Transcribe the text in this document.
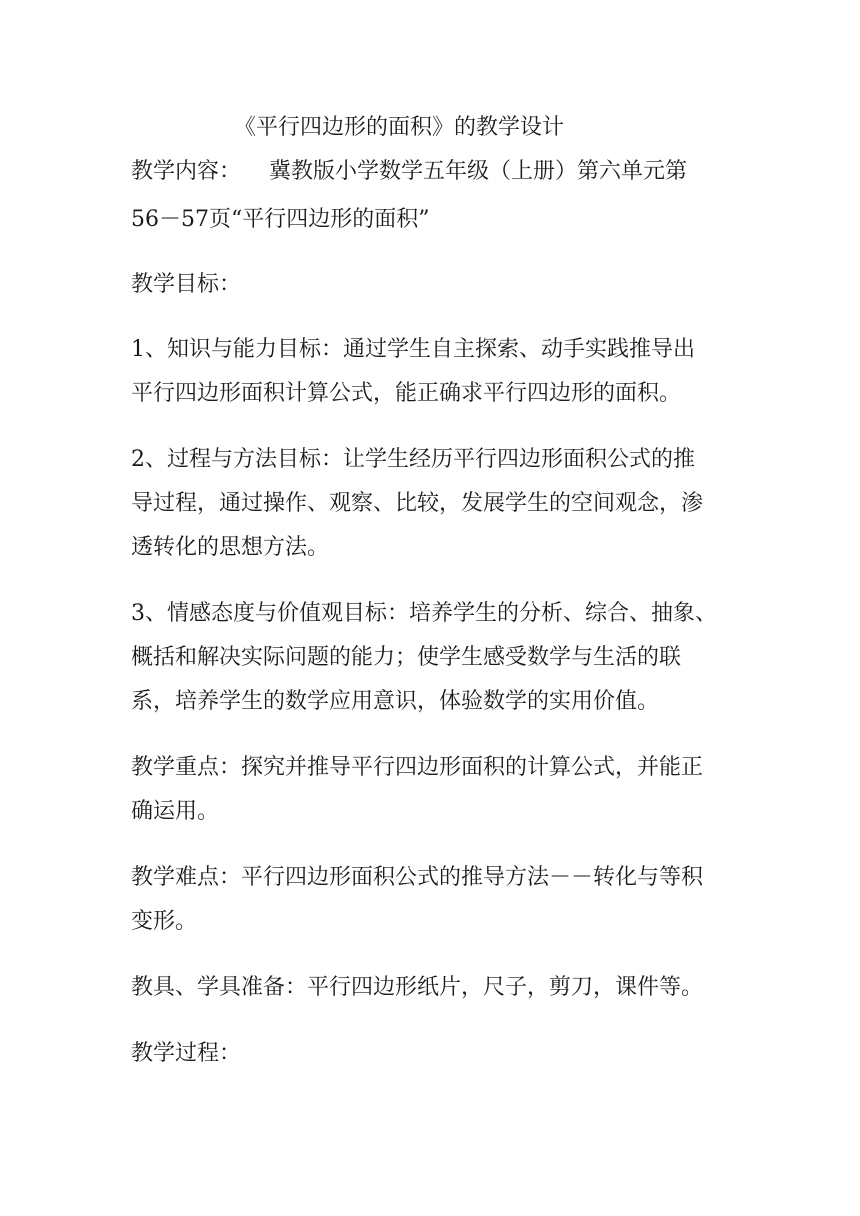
《平行四边形的面积》的教学设计
教学内容： 冀教版小学数学五年级（上册）第六单元第
56－57页“平行四边形的面积”
教学目标：
1、知识与能力目标：通过学生自主探索、动手实践推导出
平行四边形面积计算公式，能正确求平行四边形的面积。
2、过程与方法目标：让学生经历平行四边形面积公式的推
导过程，通过操作、观察、比较，发展学生的空间观念，渗
透转化的思想方法。
3、情感态度与价值观目标：培养学生的分析、综合、抽象、
概括和解决实际问题的能力；使学生感受数学与生活的联
系，培养学生的数学应用意识，体验数学的实用价值。
教学重点：探究并推导平行四边形面积的计算公式，并能正
确运用。
教学难点：平行四边形面积公式的推导方法－－转化与等积
变形。
教具、学具准备：平行四边形纸片，尺子，剪刀，课件等。
教学过程：
